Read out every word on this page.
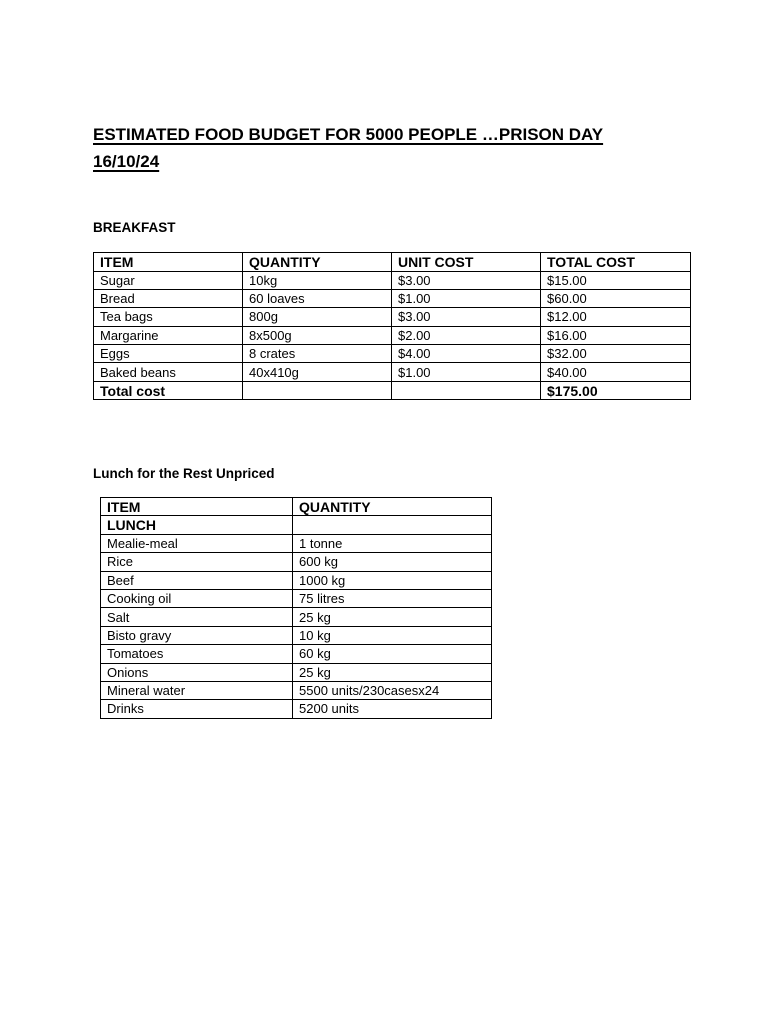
ESTIMATED FOOD BUDGET FOR 5000 PEOPLE …PRISON DAY 16/10/24
BREAKFAST
ITEM	QUANTITY	UNIT COST	TOTAL COST
Sugar	10kg	$3.00	$15.00
Bread	60 loaves	$1.00	$60.00
Tea bags	800g	$3.00	$12.00
Margarine	8x500g	$2.00	$16.00
Eggs	8 crates	$4.00	$32.00
Baked beans	40x410g	$1.00	$40.00
Total cost			$175.00
Lunch for the Rest Unpriced
ITEM	QUANTITY
LUNCH	
Mealie-meal	1 tonne
Rice	600 kg
Beef	1000 kg
Cooking oil	75 litres
Salt	25 kg
Bisto gravy	10 kg
Tomatoes	60 kg
Onions	25 kg
Mineral water	5500 units/230casesx24
Drinks	5200 units
